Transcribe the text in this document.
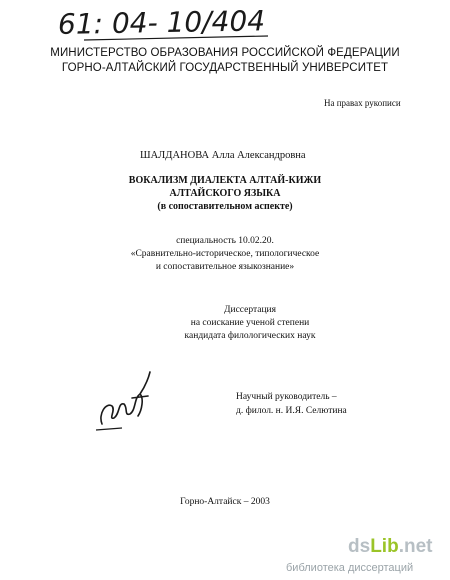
61: 04- 10/404
МИНИСТЕРСТВО ОБРАЗОВАНИЯ РОССИЙСКОЙ ФЕДЕРАЦИИ
ГОРНО-АЛТАЙСКИЙ ГОСУДАРСТВЕННЫЙ УНИВЕРСИТЕТ
На правах рукописи
ШАЛДАНОВА Алла Александровна
ВОКАЛИЗМ ДИАЛЕКТА АЛТАЙ-КИЖИ
АЛТАЙСКОГО ЯЗЫКА
(в сопоставительном аспекте)
специальность 10.02.20.
«Сравнительно-историческое, типологическое
и сопоставительное языкознание»
Диссертация
на соискание ученой степени
кандидата филологических наук
Научный руководитель –
д. филол. н. И.Я. Селютина
Горно-Алтайск – 2003
dsLib.net
библиотека диссертаций
